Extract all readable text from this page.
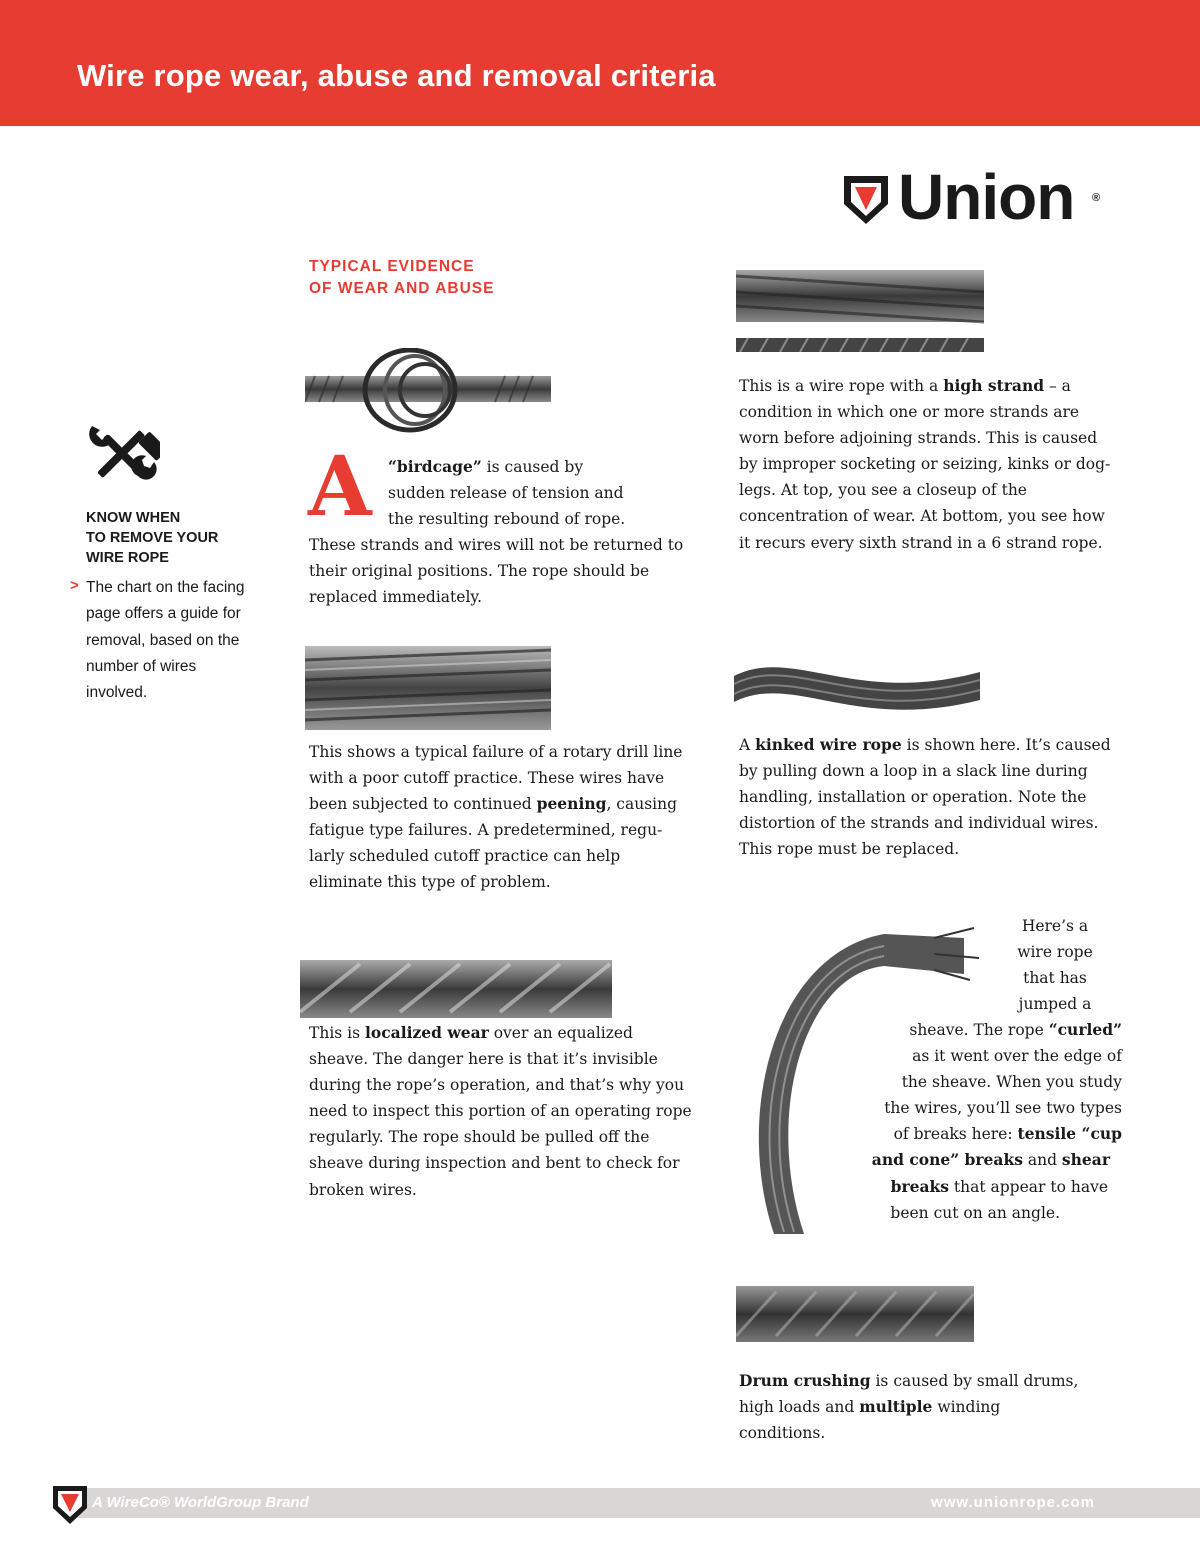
Wire rope wear, abuse and removal criteria
Union ®
TYPICAL EVIDENCE
OF WEAR AND ABUSE
KNOW WHEN
TO REMOVE YOUR
WIRE ROPE
> The chart on the facing page offers a guide for removal, based on the number of wires involved.
A “birdcage” is caused by
sudden release of tension and
the resulting rebound of rope.
These strands and wires will not be returned to their original positions. The rope should be replaced immediately.
This shows a typical failure of a rotary drill line with a poor cutoff practice. These wires have been subjected to continued peening, causing fatigue type failures. A predetermined, regularly scheduled cutoff practice can help eliminate this type of problem.
This is localized wear over an equalized sheave. The danger here is that it’s invisible during the rope’s operation, and that’s why you need to inspect this portion of an operating rope regularly. The rope should be pulled off the sheave during inspection and bent to check for broken wires.
This is a wire rope with a high strand – a condition in which one or more strands are worn before adjoining strands. This is caused by improper socketing or seizing, kinks or doglegs. At top, you see a closeup of the concentration of wear. At bottom, you see how it recurs every sixth strand in a 6 strand rope.
A kinked wire rope is shown here. It’s caused by pulling down a loop in a slack line during handling, installation or operation. Note the distortion of the strands and individual wires. This rope must be replaced.
Here’s a
wire rope
that has
jumped a
sheave. The rope “curled”
as it went over the edge of
the sheave. When you study
the wires, you’ll see two types
of breaks here: tensile “cup
and cone” breaks and shear
breaks that appear to have
been cut on an angle.
Drum crushing is caused by small drums, high loads and multiple winding conditions.
A WireCo® WorldGroup Brand	www.unionrope.com
